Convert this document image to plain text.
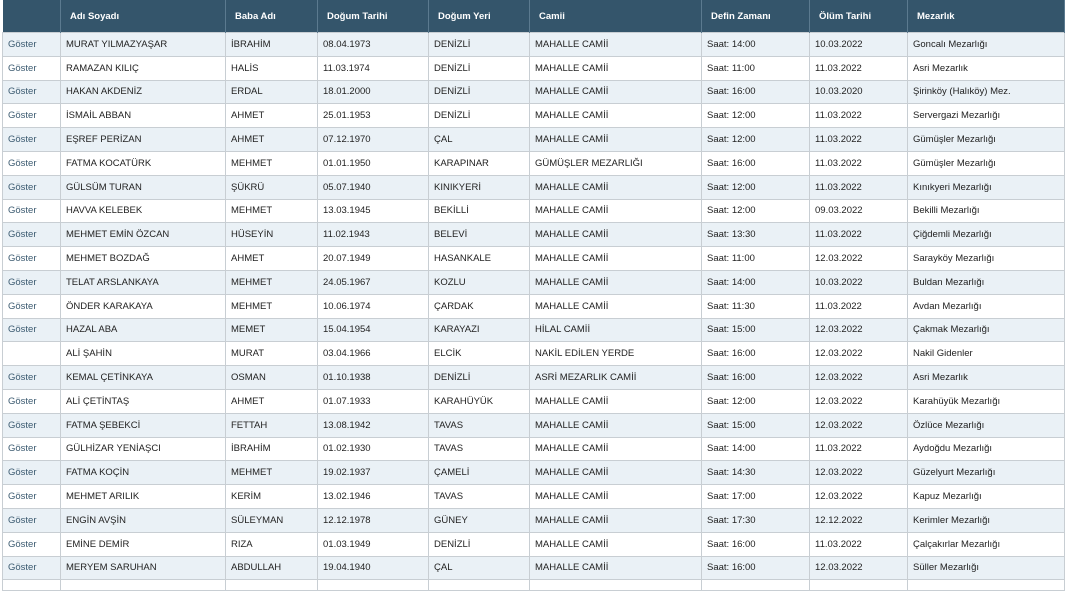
	Adı Soyadı	Baba Adı	Doğum Tarihi	Doğum Yeri	Camii	Defin Zamanı	Ölüm Tarihi	Mezarlık
Göster	MURAT YILMAZYAŞAR	İBRAHİM	08.04.1973	DENİZLİ	MAHALLE CAMİİ	Saat: 14:00	10.03.2022	Goncalı Mezarlığı
Göster	RAMAZAN KILIÇ	HALİS	11.03.1974	DENİZLİ	MAHALLE CAMİİ	Saat: 11:00	11.03.2022	Asri Mezarlık
Göster	HAKAN AKDENİZ	ERDAL	18.01.2000	DENİZLİ	MAHALLE CAMİİ	Saat: 16:00	10.03.2020	Şirinköy (Halıköy) Mez.
Göster	İSMAİL ABBAN	AHMET	25.01.1953	DENİZLİ	MAHALLE CAMİİ	Saat: 12:00	11.03.2022	Servergazi Mezarlığı
Göster	EŞREF PERİZAN	AHMET	07.12.1970	ÇAL	MAHALLE CAMİİ	Saat: 12:00	11.03.2022	Gümüşler Mezarlığı
Göster	FATMA KOCATÜRK	MEHMET	01.01.1950	KARAPINAR	GÜMÜŞLER MEZARLIĞI	Saat: 16:00	11.03.2022	Gümüşler Mezarlığı
Göster	GÜLSÜM TURAN	ŞÜKRÜ	05.07.1940	KINIKYERİ	MAHALLE CAMİİ	Saat: 12:00	11.03.2022	Kınıkyeri Mezarlığı
Göster	HAVVA KELEBEK	MEHMET	13.03.1945	BEKİLLİ	MAHALLE CAMİİ	Saat: 12:00	09.03.2022	Bekilli Mezarlığı
Göster	MEHMET EMİN ÖZCAN	HÜSEYİN	11.02.1943	BELEVİ	MAHALLE CAMİİ	Saat: 13:30	11.03.2022	Çiğdemli Mezarlığı
Göster	MEHMET BOZDAĞ	AHMET	20.07.1949	HASANKALE	MAHALLE CAMİİ	Saat: 11:00	12.03.2022	Sarayköy Mezarlığı
Göster	TELAT ARSLANKAYA	MEHMET	24.05.1967	KOZLU	MAHALLE CAMİİ	Saat: 14:00	10.03.2022	Buldan Mezarlığı
Göster	ÖNDER KARAKAYA	MEHMET	10.06.1974	ÇARDAK	MAHALLE CAMİİ	Saat: 11:30	11.03.2022	Avdan Mezarlığı
Göster	HAZAL ABA	MEMET	15.04.1954	KARAYAZI	HİLAL CAMİİ	Saat: 15:00	12.03.2022	Çakmak Mezarlığı
	ALİ ŞAHİN	MURAT	03.04.1966	ELCİK	NAKİL EDİLEN YERDE	Saat: 16:00	12.03.2022	Nakil Gidenler
Göster	KEMAL ÇETİNKAYA	OSMAN	01.10.1938	DENİZLİ	ASRİ MEZARLIK CAMİİ	Saat: 16:00	12.03.2022	Asri Mezarlık
Göster	ALİ ÇETİNTAŞ	AHMET	01.07.1933	KARAHÜYÜK	MAHALLE CAMİİ	Saat: 12:00	12.03.2022	Karahüyük Mezarlığı
Göster	FATMA ŞEBEKCİ	FETTAH	13.08.1942	TAVAS	MAHALLE CAMİİ	Saat: 15:00	12.03.2022	Özlüce Mezarlığı
Göster	GÜLHİZAR YENİAŞCI	İBRAHİM	01.02.1930	TAVAS	MAHALLE CAMİİ	Saat: 14:00	11.03.2022	Aydoğdu Mezarlığı
Göster	FATMA KOÇİN	MEHMET	19.02.1937	ÇAMELİ	MAHALLE CAMİİ	Saat: 14:30	12.03.2022	Güzelyurt Mezarlığı
Göster	MEHMET ARILIK	KERİM	13.02.1946	TAVAS	MAHALLE CAMİİ	Saat: 17:00	12.03.2022	Kapuz Mezarlığı
Göster	ENGİN AVŞİN	SÜLEYMAN	12.12.1978	GÜNEY	MAHALLE CAMİİ	Saat: 17:30	12.12.2022	Kerimler Mezarlığı
Göster	EMİNE DEMİR	RIZA	01.03.1949	DENİZLİ	MAHALLE CAMİİ	Saat: 16:00	11.03.2022	Çalçakırlar Mezarlığı
Göster	MERYEM SARUHAN	ABDULLAH	19.04.1940	ÇAL	MAHALLE CAMİİ	Saat: 16:00	12.03.2022	Süller Mezarlığı
